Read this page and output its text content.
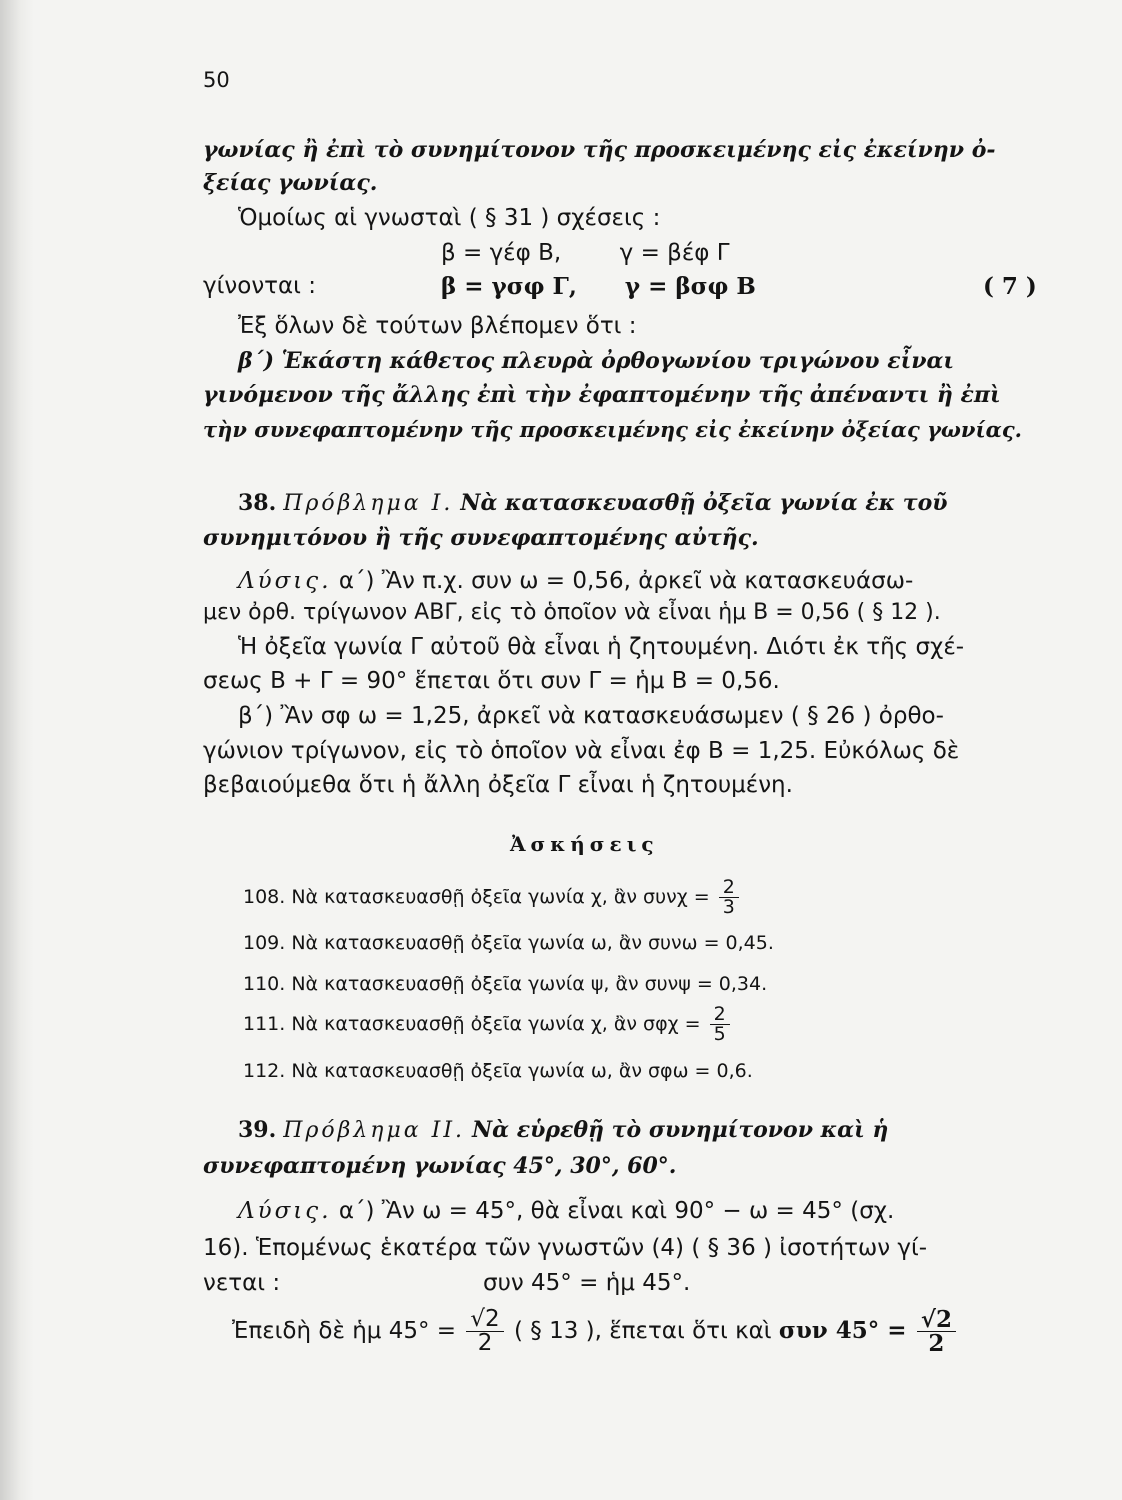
50
γωνίας ἢ ἐπὶ τὸ συνημίτονον τῆς προσκειμένης εἰς ἐκείνην ὀ-
ξείας γωνίας.
Ὁμοίως αἱ γνωσταὶ ( § 31 ) σχέσεις :
β = γέφ Β,        γ = βέφ Γ
γίνονται :	β = γσφ Γ,      γ = βσφ Β	( 7 )
Ἐξ ὅλων δὲ τούτων βλέπομεν ὅτι :
β΄) Ἑκάστη κάθετος πλευρὰ ὀρθογωνίου τριγώνου εἶναι
γινόμενον τῆς ἄλλης ἐπὶ τὴν ἐφαπτομένην τῆς ἀπέναντι ἢ ἐπὶ
τὴν συνεφαπτομένην τῆς προσκειμένης εἰς ἐκείνην ὀξείας γωνίας.
38. Πρόβλημα I. Νὰ κατασκευασθῇ ὀξεῖα γωνία ἐκ τοῦ
συνημιτόνου ἢ τῆς συνεφαπτομένης αὐτῆς.
Λύσις. α΄) Ἂν π.χ. συν ω = 0,56, ἀρκεῖ νὰ κατασκευάσω-
μεν ὀρθ. τρίγωνον ΑΒΓ, εἰς τὸ ὁποῖον νὰ εἶναι ἡμ Β = 0,56 ( § 12 ).
Ἡ ὀξεῖα γωνία Γ αὐτοῦ θὰ εἶναι ἡ ζητουμένη. Διότι ἐκ τῆς σχέ-
σεως Β + Γ = 90° ἕπεται ὅτι συν Γ = ἡμ Β = 0,56.
β΄) Ἂν σφ ω = 1,25, ἀρκεῖ νὰ κατασκευάσωμεν ( § 26 ) ὀρθο-
γώνιον τρίγωνον, εἰς τὸ ὁποῖον νὰ εἶναι ἐφ Β = 1,25. Εὐκόλως δὲ
βεβαιούμεθα ὅτι ἡ ἄλλη ὀξεῖα Γ εἶναι ἡ ζητουμένη.
Ἀσκήσεις
108. Νὰ κατασκευασθῇ ὀξεῖα γωνία χ, ἂν $\sigma\upsilon\nu\chi = \frac{2}{3}$
109. Νὰ κατασκευασθῇ ὀξεῖα γωνία ω, ἂν συνω = 0,45.
110. Νὰ κατασκευασθῇ ὀξεῖα γωνία ψ, ἂν συνψ = 0,34.
111. Νὰ κατασκευασθῇ ὀξεῖα γωνία χ, ἂν $\sigma\varphi\chi = \frac{2}{5}$
112. Νὰ κατασκευασθῇ ὀξεῖα γωνία ω, ἂν σφω = 0,6.
39. Πρόβλημα II. Νὰ εὑρεθῇ τὸ συνημίτονον καὶ ἡ
συνεφαπτομένη γωνίας 45°, 30°, 60°.
Λύσις. α΄) Ἂν ω = 45°, θὰ εἶναι καὶ 90° − ω = 45° (σχ.
16). Ἑπομένως ἑκατέρα τῶν γνωστῶν (4) ( § 36 ) ἰσοτήτων γί-
νεται :	συν 45° = ἡμ 45°.
Ἐπειδὴ δὲ ἡμ $45^\circ = \frac{√2}{2}$ ( § 13 ), ἕπεται ὅτι καὶ συν $45^\circ = \frac{√2}{2}$
